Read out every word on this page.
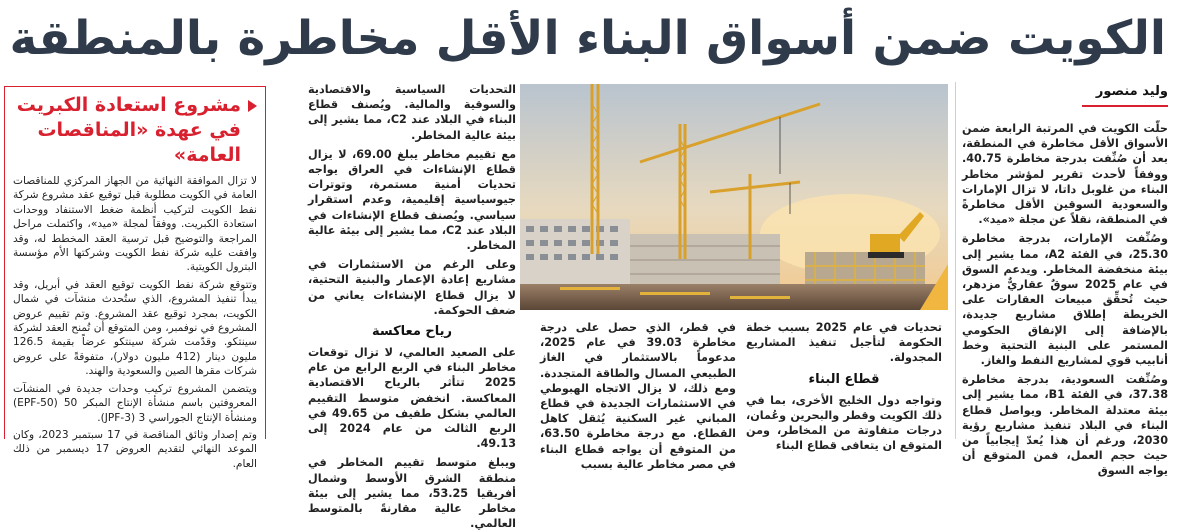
الكويت ضمن أسواق البناء الأقل مخاطرة بالمنطقة
وليد منصور

حلّت الكويت في المرتبة الرابعة ضمن الأسواق الأقل مخاطرة في المنطقة، بعد أن صُنِّفت بدرجة مخاطرة 40.75. ووفقاً لأحدث تقرير لمؤشر مخاطر البناء من غلوبل داتا، لا تزال الإمارات والسعودية السوقين الأقل مخاطرةً في المنطقة، نقلاً عن مجلة «ميد».

وصُنِّفت الإمارات، بدرجة مخاطرة 25.30، في الفئة A2، مما يشير إلى بيئة منخفضة المخاطر. ويدعم السوق في عام 2025 سوقٌ عقاريٌّ مزدهر، حيث تُحقِّق مبيعات العقارات على الخريطة إطلاق مشاريع جديدة، بالإضافة إلى الإنفاق الحكومي المستمر على البنية التحتية وخط أنابيب قوي لمشاريع النفط والغاز.

وصُنِّفت السعودية، بدرجة مخاطرة 37.38، في الفئة B1، مما يشير إلى بيئة معتدلة المخاطر. ويواصل قطاع البناء في البلاد تنفيذ مشاريع رؤية 2030، ورغم أن هذا يُعدّ إيجابياً من حيث حجم العمل، فمن المتوقع أن يواجه السوق

تحديات في عام 2025 بسبب خطة الحكومة لتأجيل تنفيذ المشاريع المجدولة.

قطاع البناء

وتواجه دول الخليج الأخرى، بما في ذلك الكويت وقطر والبحرين وعُمان، درجات متفاوتة من المخاطر، ومن المتوقع ان يتعافى قطاع البناء

في قطر، الذي حصل على درجة مخاطرة 39.03 في عام 2025، مدعوماً بالاستثمار في الغاز الطبيعي المسال والطاقة المتجددة. ومع ذلك، لا يزال الاتجاه الهبوطي في الاستثمارات الجديدة في قطاع المباني غير السكنية يُثقل كاهل القطاع. مع درجة مخاطرة 63.50، من المتوقع أن يواجه قطاع البناء في مصر مخاطر عالية بسبب

التحديات السياسية والاقتصادية والسوقية والمالية. ويُصنف قطاع البناء في البلاد عند C2، مما يشير إلى بيئة عالية المخاطر.

مع تقييم مخاطر يبلغ 69.00، لا يزال قطاع الإنشاءات في العراق يواجه تحديات أمنية مستمرة، وتوترات جيوسياسية إقليمية، وعدم استقرار سياسي. ويُصنف قطاع الإنشاءات في البلاد عند C2، مما يشير إلى بيئة عالية المخاطر.

وعلى الرغم من الاستثمارات في مشاريع إعادة الإعمار والبنية التحتية، لا يزال قطاع الإنشاءات يعاني من ضعف الحوكمة.

رياح معاكسة

على الصعيد العالمي، لا تزال توقعات مخاطر البناء في الربع الرابع من عام 2025 تتأثر بالرياح الاقتصادية المعاكسة. انخفض متوسط التقييم العالمي بشكل طفيف من 49.65 في الربع الثالث من عام 2024 إلى 49.13.

ويبلغ متوسط تقييم المخاطر في منطقة الشرق الأوسط وشمال أفريقيا 53.25، مما يشير إلى بيئة مخاطر عالية مقارنةً بالمتوسط العالمي.

مشروع استعادة الكبريت
في عهدة «المناقصات العامة»

لا تزال الموافقة النهائية من الجهاز المركزي للمناقصات العامة في الكويت مطلوبة قبل توقيع عقد مشروع شركة نفط الكويت لتركيب أنظمة ضغط الاستنفاد ووحدات استعادة الكبريت. ووفقاً لمجلة «ميد»، واكتملت مراحل المراجعة والتوضيح قبل ترسية العقد المخطط له، وقد وافقت عليه شركة نفط الكويت وشركتها الأم مؤسسة البترول الكويتية.

وتتوقع شركة نفط الكويت توقيع العقد في أبريل، وقد يبدأ تنفيذ المشروع، الذي ستُحدث منشآت في شمال الكويت، بمجرد توقيع عقد المشروع. وتم تقييم عروض المشروع في نوفمبر، ومن المتوقع أن تُمنح العقد لشركة سينتكو. وقدّمت شركة سينتكو عرضاً بقيمة 126.5 مليون دينار (412 مليون دولار)، متفوقةً على عروض شركات مقرها الصين والسعودية والهند.

ويتضمن المشروع تركيب وحدات جديدة في المنشآت المعروفتين باسم منشأة الإنتاج المبكر 50 (EPF-50) ومنشأة الإنتاج الجوراسي 3 (JPF-3).

وتم إصدار وثائق المناقصة في 17 سبتمبر 2023، وكان الموعد النهائي لتقديم العروض 17 ديسمبر من ذلك العام.
